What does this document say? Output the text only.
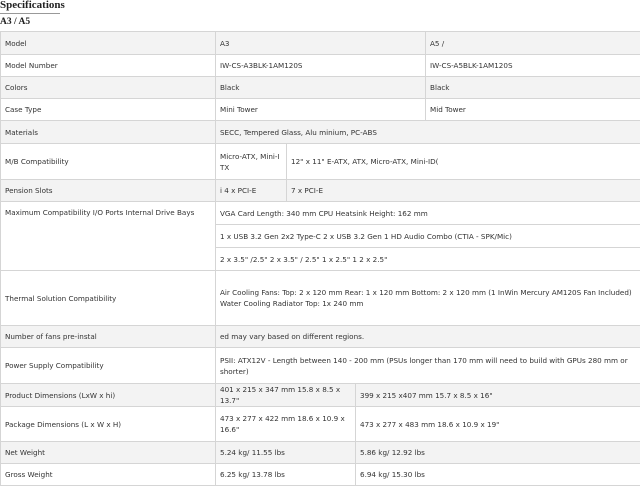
Specifications
A3 / A5
Model	A3			A5 /
Model Number	IW-CS-A3BLK-1AM120S			IW-CS-A5BLK-1AM120S
Colors	Black			Black
Case Type	Mini Tower			Mid Tower
Materials	SECC, Tempered Glass, Alu minium, PC-ABS			
M/B Compatibility	Micro-ATX, Mini-I TX	12" x 11" E-ATX, ATX, Micro-ATX, Mini-ID(		
Pension Slots	i 4 x PCI-E	7 x PCI-E		
Maximum Compatibility I/O Ports Internal Drive Bays	VGA Card Length: 340 mm CPU Heatsink Height: 162 mm			
	1 x USB 3.2 Gen 2x2 Type-C 2 x USB 3.2 Gen 1 HD Audio Combo (CTIA - SPK/Mic)			
	2 x 3.5" /2.5" 2 x 3.5" / 2.5" 1 x 2.5" 1 2 x 2.5"			
Thermal Solution Compatibility	Air Cooling Fans: Top: 2 x 120 mm Rear: 1 x 120 mm Bottom: 2 x 120 mm (1 InWin Mercury AM120S Fan Included) Water Cooling Radiator Top: 1x 240 mm			
Number of fans pre-instal	ed may vary based on different regions.			
Power Supply Compatibility	PSII: ATX12V - Length between 140 - 200 mm (PSUs longer than 170 mm will need to build with GPUs 280 mm or shorter)			
Product Dimensions (LxW x hi)	401 x 215 x 347 mm 15.8 x 8.5 x 13.7"		399 x 215 x407 mm 15.7 x 8.5 x 16"	
Package Dimensions (L x W x H)	473 x 277 x 422 mm 18.6 x 10.9 x 16.6"		473 x 277 x 483 mm 18.6 x 10.9 x 19"	
Net Weight	5.24 kg/ 11.55 lbs		5.86 kg/ 12.92 lbs	
Gross Weight	6.25 kg/ 13.78 lbs		6.94 kg/ 15.30 lbs	
